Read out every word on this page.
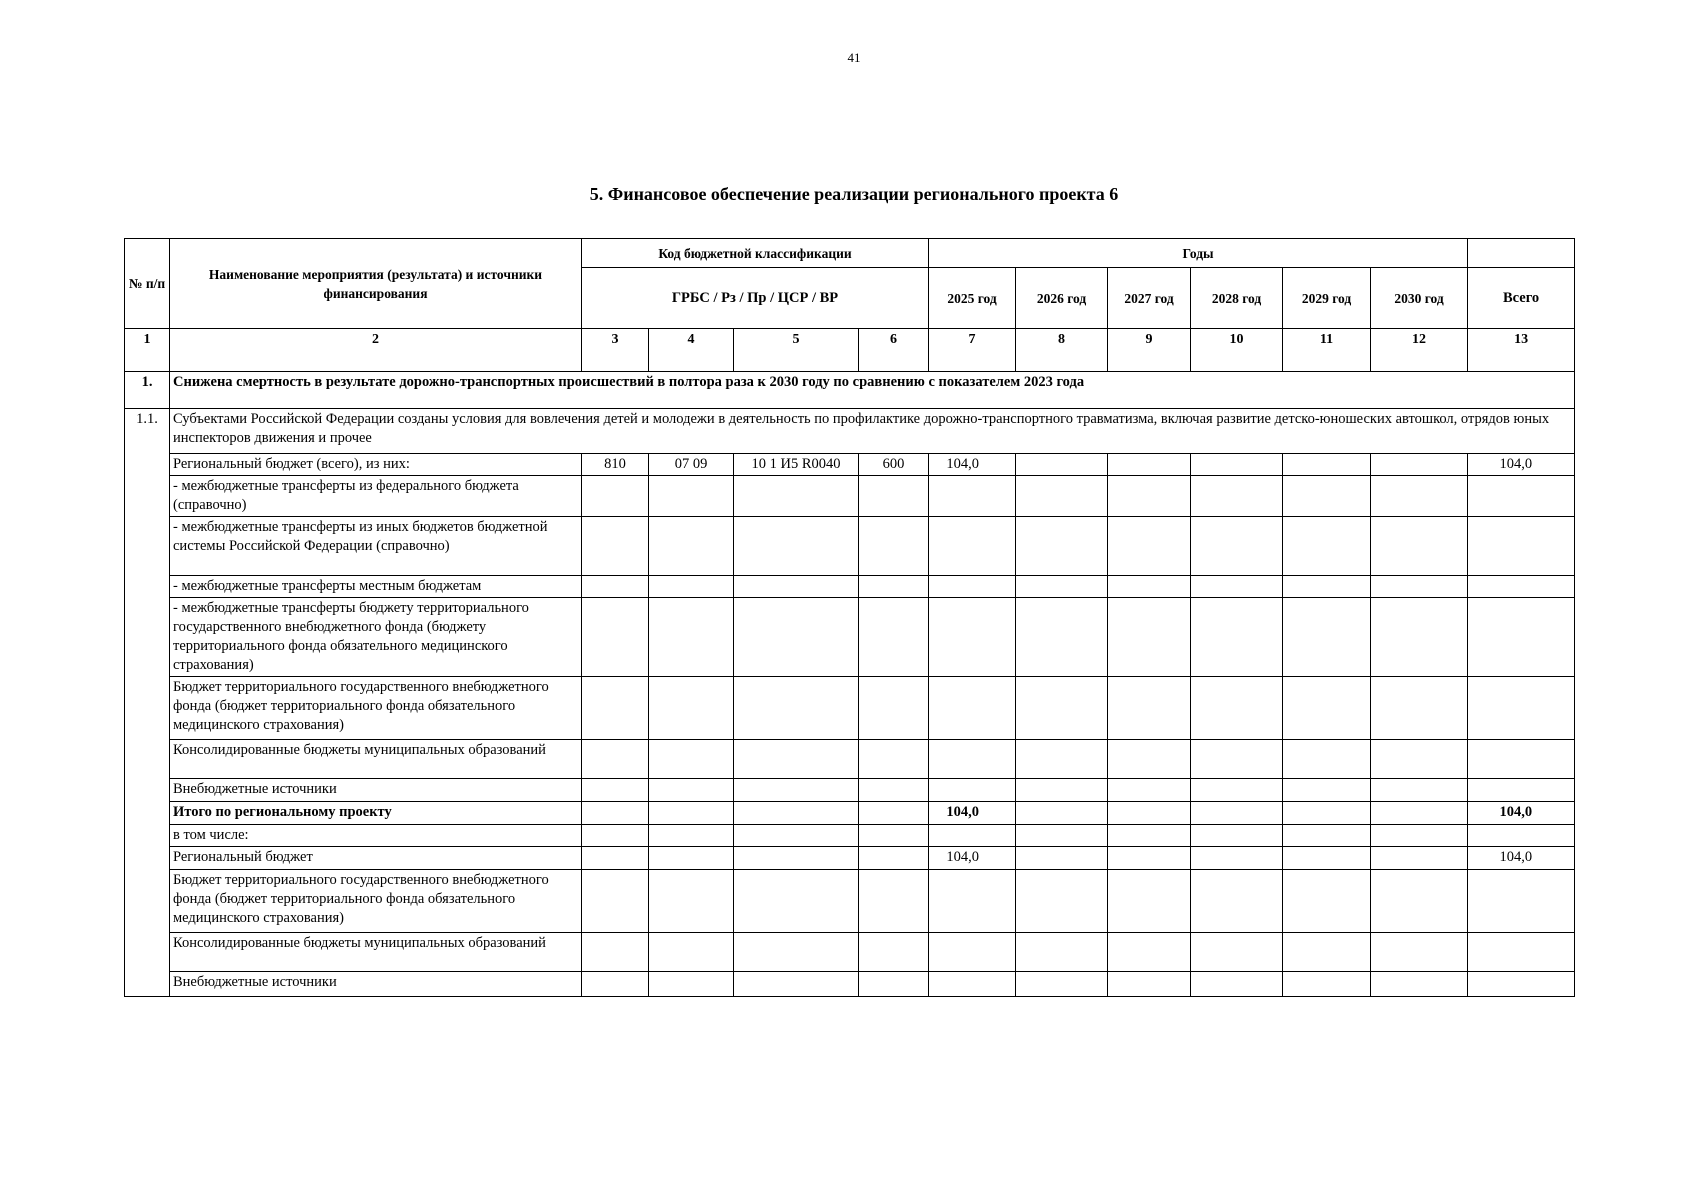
41
5. Финансовое обеспечение реализации регионального проекта 6
№ п/п	Наименование мероприятия (результата) и источники финансирования	Код бюджетной классификации				Годы						
		ГРБС / Рз / Пр / ЦСР / ВР				2025 год	2026 год	2027 год	2028 год	2029 год	2030 год	Всего
1	2	3	4	5	6	7	8	9	10	11	12	13
1.	Снижена смертность в результате дорожно-транспортных происшествий в полтора раза к 2030 году по сравнению с показателем 2023 года											
1.1.	Субъектами Российской Федерации созданы условия для вовлечения детей и молодежи в деятельность по профилактике дорожно-транспортного травматизма, включая развитие детско-юношеских автошкол, отрядов юных инспекторов движения и прочее											
	Региональный бюджет (всего), из них:	810	07 09	10 1 И5 R0040	600	104,0						104,0
	- межбюджетные трансферты из федерального бюджета (справочно)											
	- межбюджетные трансферты из иных бюджетов бюджетной системы Российской Федерации (справочно)											
	- межбюджетные трансферты местным бюджетам											
	- межбюджетные трансферты бюджету территориального государственного внебюджетного фонда (бюджету территориального фонда обязательного медицинского страхования)											
	Бюджет территориального государственного внебюджетного фонда (бюджет территориального фонда обязательного медицинского страхования)											
	Консолидированные бюджеты муниципальных образований											
	Внебюджетные источники											
	Итого по региональному проекту					104,0						104,0
	в том числе:											
	Региональный бюджет					104,0						104,0
	Бюджет территориального государственного внебюджетного фонда (бюджет территориального фонда обязательного медицинского страхования)											
	Консолидированные бюджеты муниципальных образований											
	Внебюджетные источники											
